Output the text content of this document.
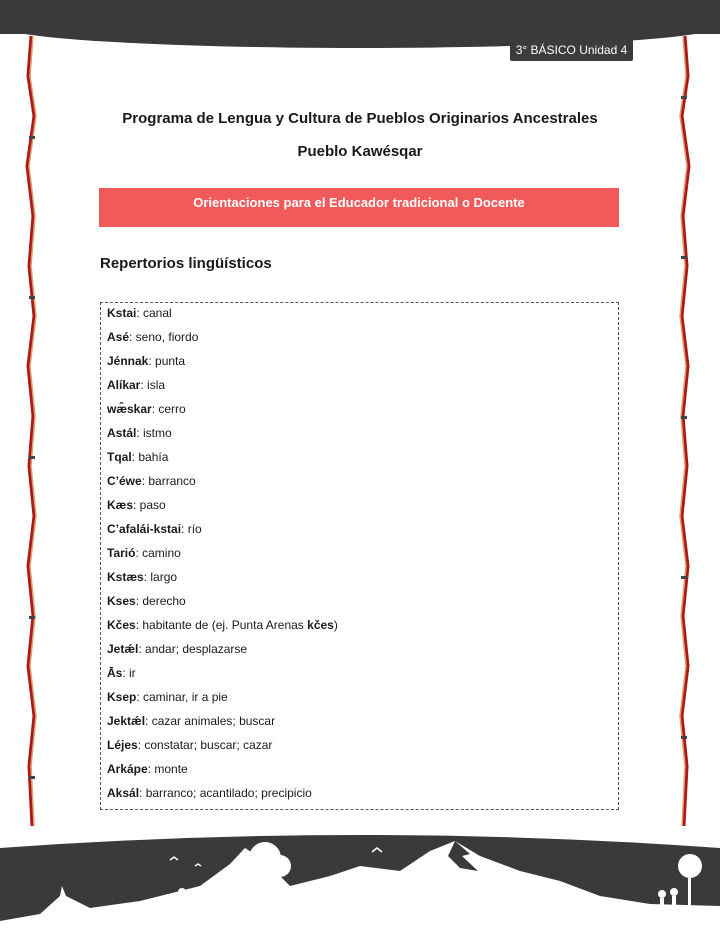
3° BÁSICO Unidad 4
Programa de Lengua y Cultura de Pueblos Originarios Ancestrales
Pueblo Kawésqar
Orientaciones para el Educador tradicional o Docente
Repertorios lingüísticos
Kstai: canal
Asé: seno, fiordo
Jénnak: punta
Alíkar: isla
wæ̂skar: cerro
Astál: istmo
Tqal: bahía
C’éwe: barranco
Kæs: paso
C’afaláі-kstai: río
Tarió: camino
Kstæs: largo
Kses: derecho
Kčes: habitante de (ej. Punta Arenas kčes)
Jetǽl: andar; desplazarse
Ās: ir
Ksep: caminar, ir a pie
Jektǽl: cazar animales; buscar
Léjes: constatar; buscar; cazar
Arkápe: monte
Aksál: barranco; acantilado; precipicio
